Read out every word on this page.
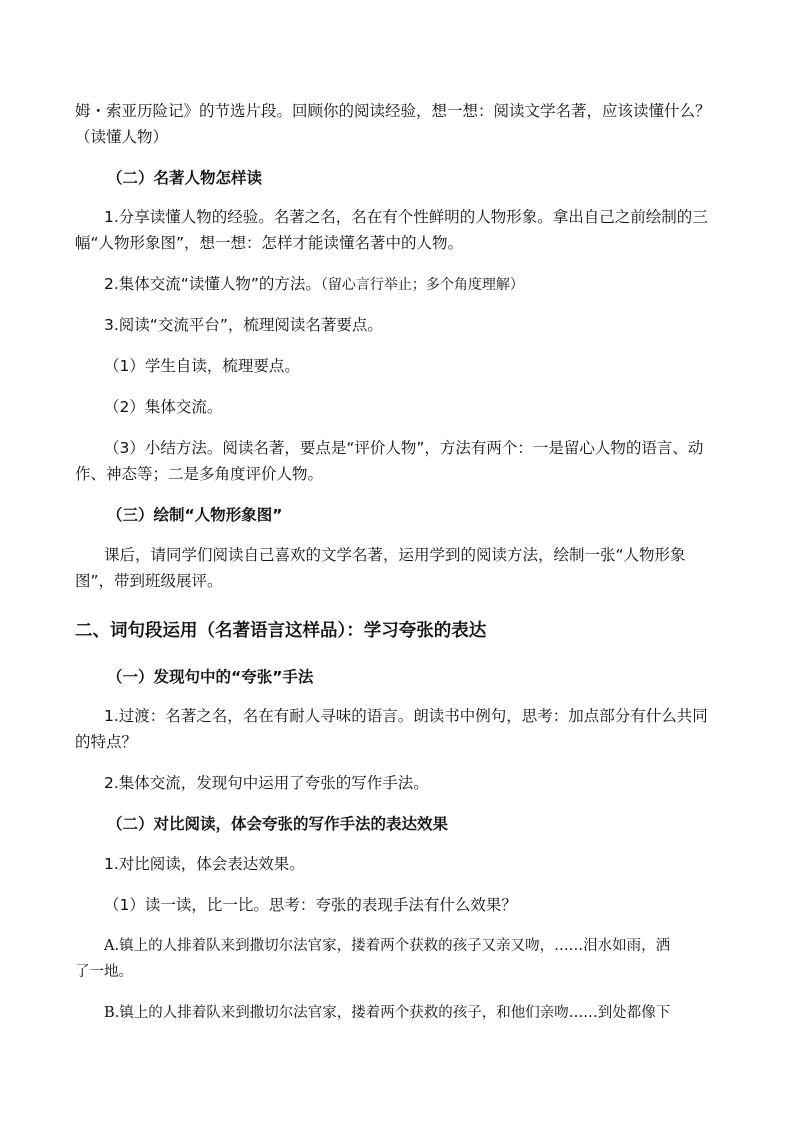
姆・索亚历险记》的节选片段。回顾你的阅读经验，想一想：阅读文学名著，应该读懂什么？
（读懂人物）
（二）名著人物怎样读
1.分享读懂人物的经验。名著之名，名在有个性鲜明的人物形象。拿出自己之前绘制的三
幅“人物形象图”，想一想：怎样才能读懂名著中的人物。
2.集体交流“读懂人物”的方法。（留心言行举止；多个角度理解）
3.阅读“交流平台”，梳理阅读名著要点。
（1）学生自读，梳理要点。
（2）集体交流。
（3）小结方法。阅读名著，要点是“评价人物”，方法有两个：一是留心人物的语言、动
作、神态等；二是多角度评价人物。
（三）绘制“人物形象图”
课后，请同学们阅读自己喜欢的文学名著，运用学到的阅读方法，绘制一张“人物形象
图”，带到班级展评。
二、词句段运用（名著语言这样品）：学习夸张的表达
（一）发现句中的“夸张”手法
1.过渡：名著之名，名在有耐人寻味的语言。朗读书中例句，思考：加点部分有什么共同
的特点？
2.集体交流，发现句中运用了夸张的写作手法。
（二）对比阅读，体会夸张的写作手法的表达效果
1.对比阅读，体会表达效果。
（1）读一读，比一比。思考：夸张的表现手法有什么效果？
A.镇上的人排着队来到撒切尔法官家，搂着两个获救的孩子又亲又吻，……泪水如雨，洒
了一地。
B.镇上的人排着队来到撒切尔法官家，搂着两个获救的孩子，和他们亲吻……到处都像下
